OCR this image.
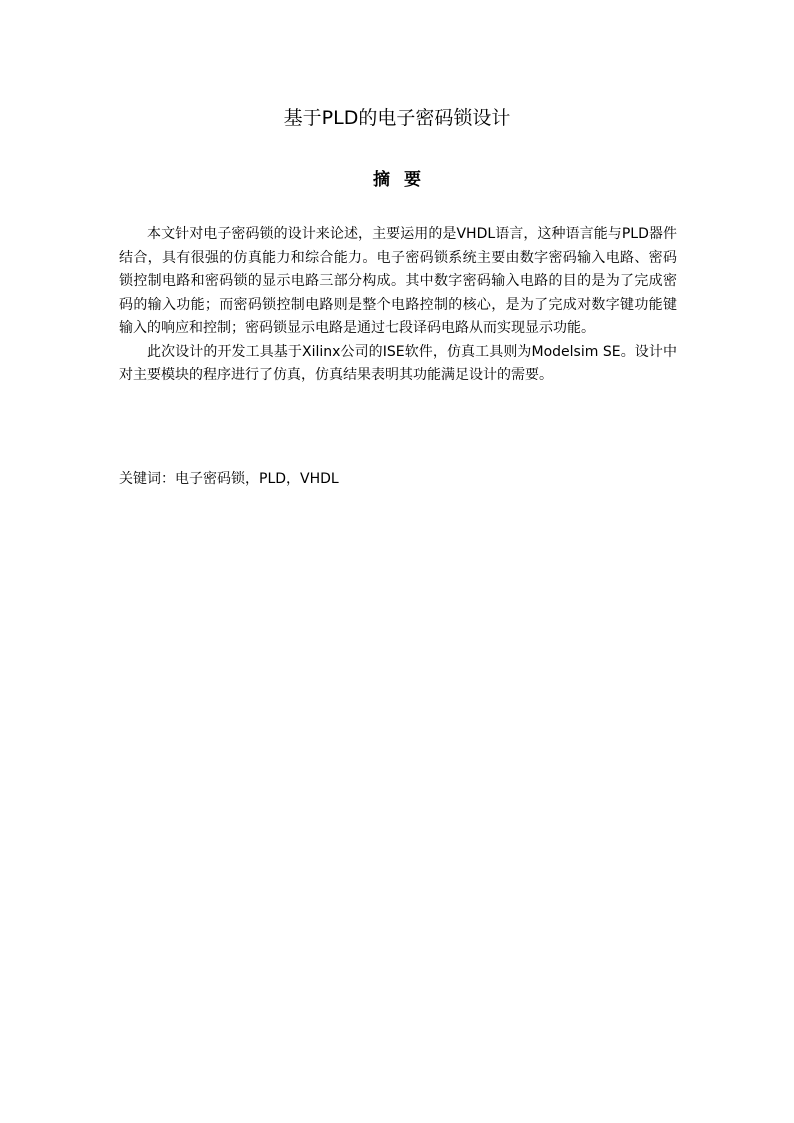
基于PLD的电子密码锁设计
摘要

本文针对电子密码锁的设计来论述，主要运用的是VHDL语言，这种语言能与PLD器件结合，具有很强的仿真能力和综合能力。电子密码锁系统主要由数字密码输入电路、密码锁控制电路和密码锁的显示电路三部分构成。其中数字密码输入电路的目的是为了完成密码的输入功能；而密码锁控制电路则是整个电路控制的核心，是为了完成对数字键功能键输入的响应和控制；密码锁显示电路是通过七段译码电路从而实现显示功能。

此次设计的开发工具基于Xilinx公司的ISE软件，仿真工具则为Modelsim SE。设计中对主要模块的程序进行了仿真，仿真结果表明其功能满足设计的需要。

关键词：电子密码锁，PLD，VHDL
